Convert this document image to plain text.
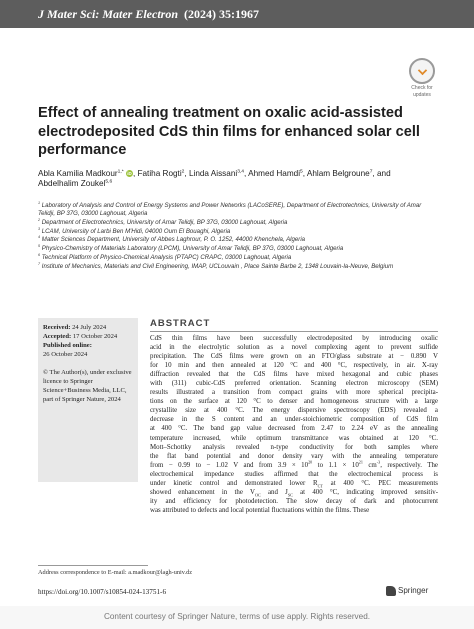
J Mater Sci: Mater Electron (2024) 35:1967
Check for
updates
Effect of annealing treatment on oxalic acid-assisted electrodeposited CdS thin films for enhanced solar cell performance
Abla Kamilia Madkour$^{1,*}$ iD, Fatiha Rogti$^2$, Linda Aissani$^{3,4}$, Ahmed Hamdi$^5$, Ahlam Belgroune$^7$, and
Abdelhalim Zoukel$^{5,6}$
$^1$ Laboratory of Analysis and Control of Energy Systems and Power Networks (LACoSERE), Department of Electrotechnics, University of Amar Telidji, BP 37G, 03000 Laghouat, Algeria
$^2$ Department of Electrotechnics, University of Amar Telidji, BP 37G, 03000 Laghouat, Algeria
$^3$ LCAM, University of Larbi Ben M'Hidi, 04000 Oum El Bouaghi, Algeria
$^4$ Matter Sciences Department, University of Abbes Laghrour, P. O. 1252, 44000 Khenchela, Algeria
$^5$ Physico-Chemistry of Materials Laboratory (LPCM), University of Amar Telidji, BP 37G, 03000 Laghouat, Algeria
$^6$ Technical Platform of Physico-Chemical Analysis (PTAPC) CRAPC, 03000 Laghouat, Algeria
$^7$ Institute of Mechanics, Materials and Civil Engineering, IMAP, UCLouvain , Place Sainte Barbe 2, 1348 Louvain-la-Neuve, Belgium
Received: 24 July 2024
Accepted: 17 October 2024
Published online:
26 October 2024
© The Author(s), under exclusive licence to Springer Science+Business Media, LLC, part of Springer Nature, 2024
ABSTRACT
CdS thin films have been successfully electrodeposited by introducing oxalic
acid in the electrolytic solution as a novel complexing agent to prevent sulfide
precipitation. The CdS films were grown on an FTO/glass substrate at − 0.890 V
for 10 min and then annealed at 120 °C and 400 °C, respectively, in air. X-ray
diffraction revealed that the CdS films have mixed hexagonal and cubic phases
with (311) cubic-CdS preferred orientation. Scanning electron microscopy (SEM)
results illustrated a transition from compact grains with more spherical precipita-
tions on the surface at 120 °C to denser and homogeneous structure with a large
crystallite size at 400 °C. The energy dispersive spectroscopy (EDS) revealed a
decrease in the S content and an under-stoichiometric composition of CdS film
at 400 °C. The band gap value decreased from 2.47 to 2.24 eV as the annealing
temperature increased, while optimum transmittance was obtained at 120 °C.
Mott–Schottky analysis revealed n-type conductivity for both samples where
the flat band potential and donor density vary with the annealing temperature
from − 0.99 to − 1.02 V and from $3.9 \times 10^{20}$ to $1.1 \times 10^{21}$ $cm^{-3}$, respectively. The
electrochemical impedance studies affirmed that the electrochemical process is
under kinetic control and demonstrated lower $R_{CT}$ at 400 °C. PEC measurements
showed enhancement in the $V_{OC}$ and $J_{SC}$ at 400 °C, indicating improved sensitiv-
ity and efficiency for photodetection. The slow decay of dark and photocurrent
was attributed to defects and local potential fluctuations within the films. These
Address correspondence to E-mail: a.madkour@lagh-univ.dz
https://doi.org/10.1007/s10854-024-13751-6	Springer
Content courtesy of Springer Nature, terms of use apply. Rights reserved.
